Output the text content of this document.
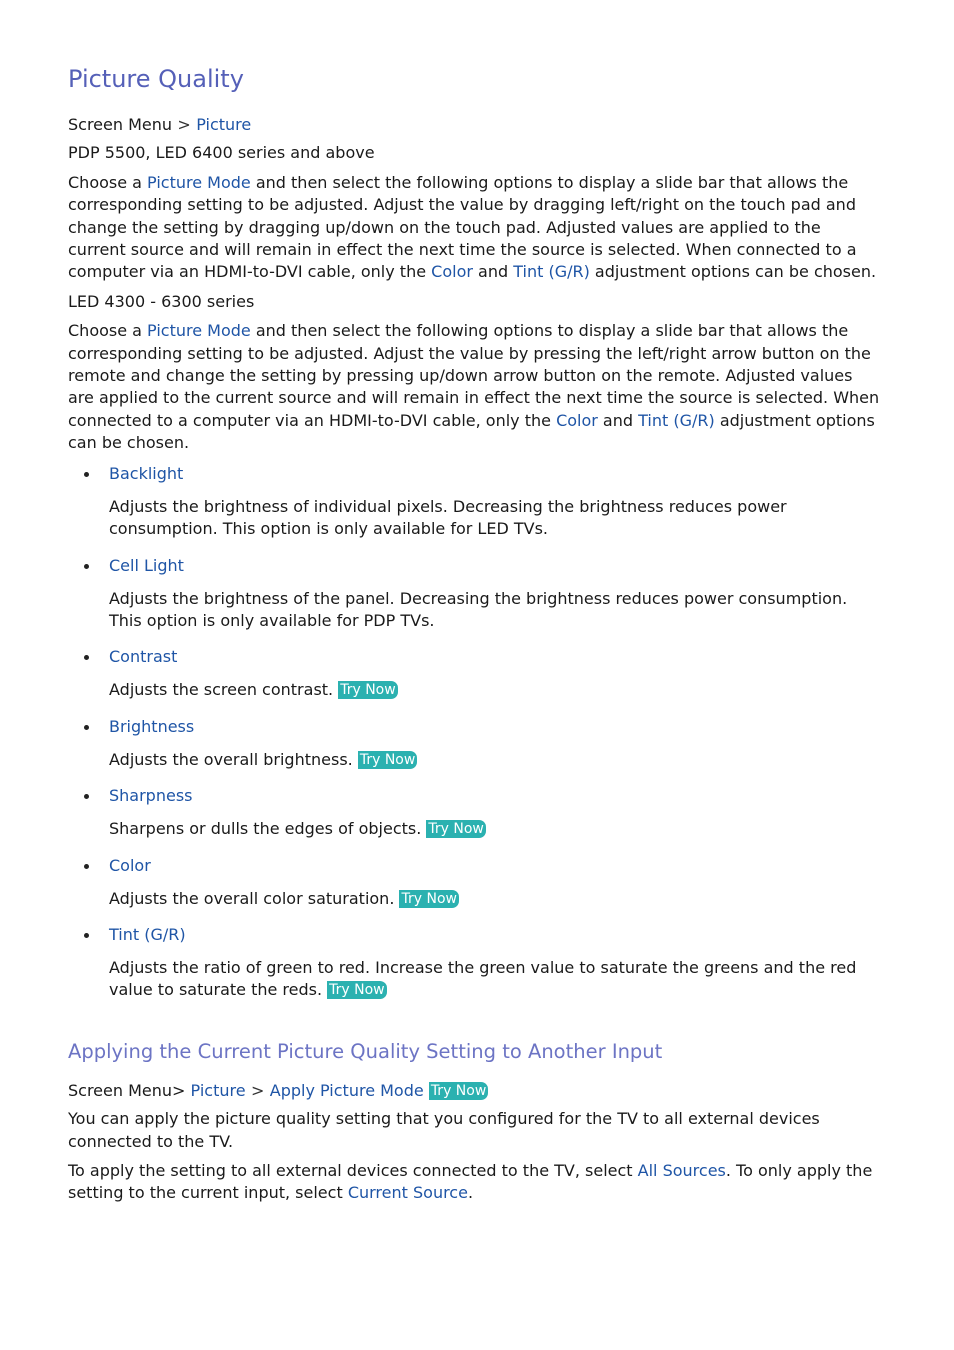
Picture Quality

Screen Menu > Picture

PDP 5500, LED 6400 series and above

Choose a Picture Mode and then select the following options to display a slide bar that allows the corresponding setting to be adjusted. Adjust the value by dragging left/right on the touch pad and change the setting by dragging up/down on the touch pad. Adjusted values are applied to the current source and will remain in effect the next time the source is selected. When connected to a computer via an HDMI-to-DVI cable, only the Color and Tint (G/R) adjustment options can be chosen.

LED 4300 - 6300 series

Choose a Picture Mode and then select the following options to display a slide bar that allows the corresponding setting to be adjusted. Adjust the value by pressing the left/right arrow button on the remote and change the setting by pressing up/down arrow button on the remote. Adjusted values are applied to the current source and will remain in effect the next time the source is selected. When connected to a computer via an HDMI-to-DVI cable, only the Color and Tint (G/R) adjustment options can be chosen.

Backlight
Adjusts the brightness of individual pixels. Decreasing the brightness reduces power consumption. This option is only available for LED TVs.
Cell Light
Adjusts the brightness of the panel. Decreasing the brightness reduces power consumption. This option is only available for PDP TVs.
Contrast
Adjusts the screen contrast. Try Now
Brightness
Adjusts the overall brightness. Try Now
Sharpness
Sharpens or dulls the edges of objects. Try Now
Color
Adjusts the overall color saturation. Try Now
Tint (G/R)
Adjusts the ratio of green to red. Increase the green value to saturate the greens and the red value to saturate the reds. Try Now
Applying the Current Picture Quality Setting to Another Input

Screen Menu> Picture > Apply Picture Mode Try Now

You can apply the picture quality setting that you configured for the TV to all external devices connected to the TV.

To apply the setting to all external devices connected to the TV, select All Sources. To only apply the setting to the current input, select Current Source.
